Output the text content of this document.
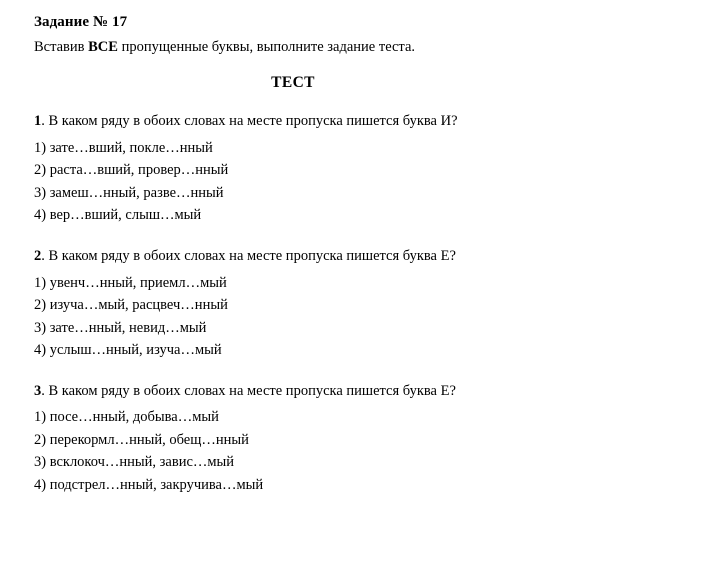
Задание № 17

Вставив ВСЕ пропущенные буквы, выполните задание теста.

ТЕСТ

1. В каком ряду в обоих словах на месте пропуска пишется буква И?

1) затe…вший, покле…нный

2) раста…вший, провер…нный

3) замеш…нный, разве…нный

4) вер…вший, слыш…мый

2. В каком ряду в обоих словах на месте пропуска пишется буква Е?

1) увенч…нный, приемл…мый

2) изуча…мый, расцвеч…нный

3) затe…нный, невид…мый

4) услыш…нный, изуча…мый

3. В каком ряду в обоих словах на месте пропуска пишется буква Е?

1) посе…нный, добыва…мый

2) перекормл…нный, обещ…нный

3) всклокоч…нный, завис…мый

4) подстрел…нный, закручива…мый
